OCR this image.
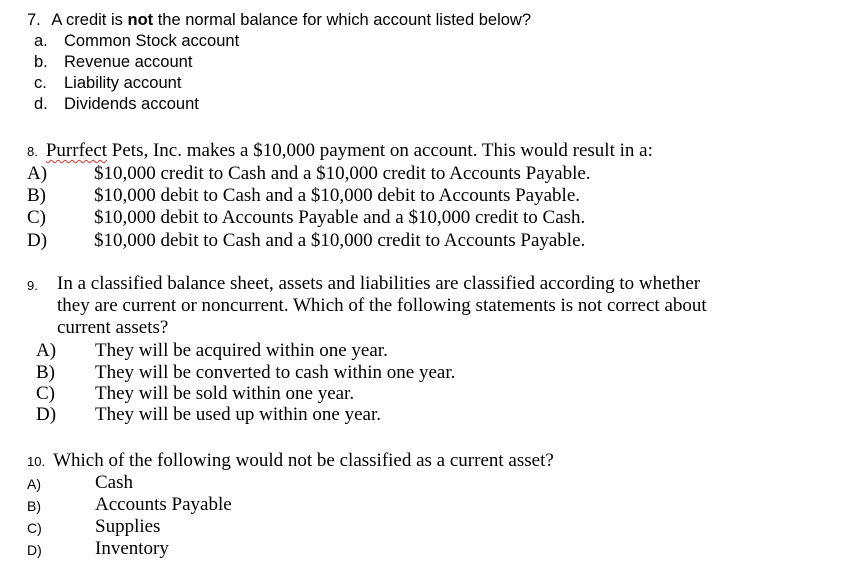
7. A credit is not the normal balance for which account listed below?
a. Common Stock account
b. Revenue account
c. Liability account
d. Dividends account
8. Purrfect Pets, Inc. makes a $10,000 payment on account. This would result in a:
A) $10,000 credit to Cash and a $10,000 credit to Accounts Payable.
B)	$10,000 debit to Cash and a $10,000 debit to Accounts Payable.
C)	$10,000 debit to Accounts Payable and a $10,000 credit to Cash.
D) $10,000 debit to Cash and a $10,000 credit to Accounts Payable.
9. In a classified balance sheet, assets and liabilities are classified according to whether
they are current or noncurrent. Which of the following statements is not correct about
current assets?
A) They will be acquired within one year.
B) They will be converted to cash within one year.
C) They will be sold within one year.
D) They will be used up within one year.
10. Which of the following would not be classified as a current asset?
A)	Cash
B)	Accounts Payable
C)	Supplies
D)	Inventory
